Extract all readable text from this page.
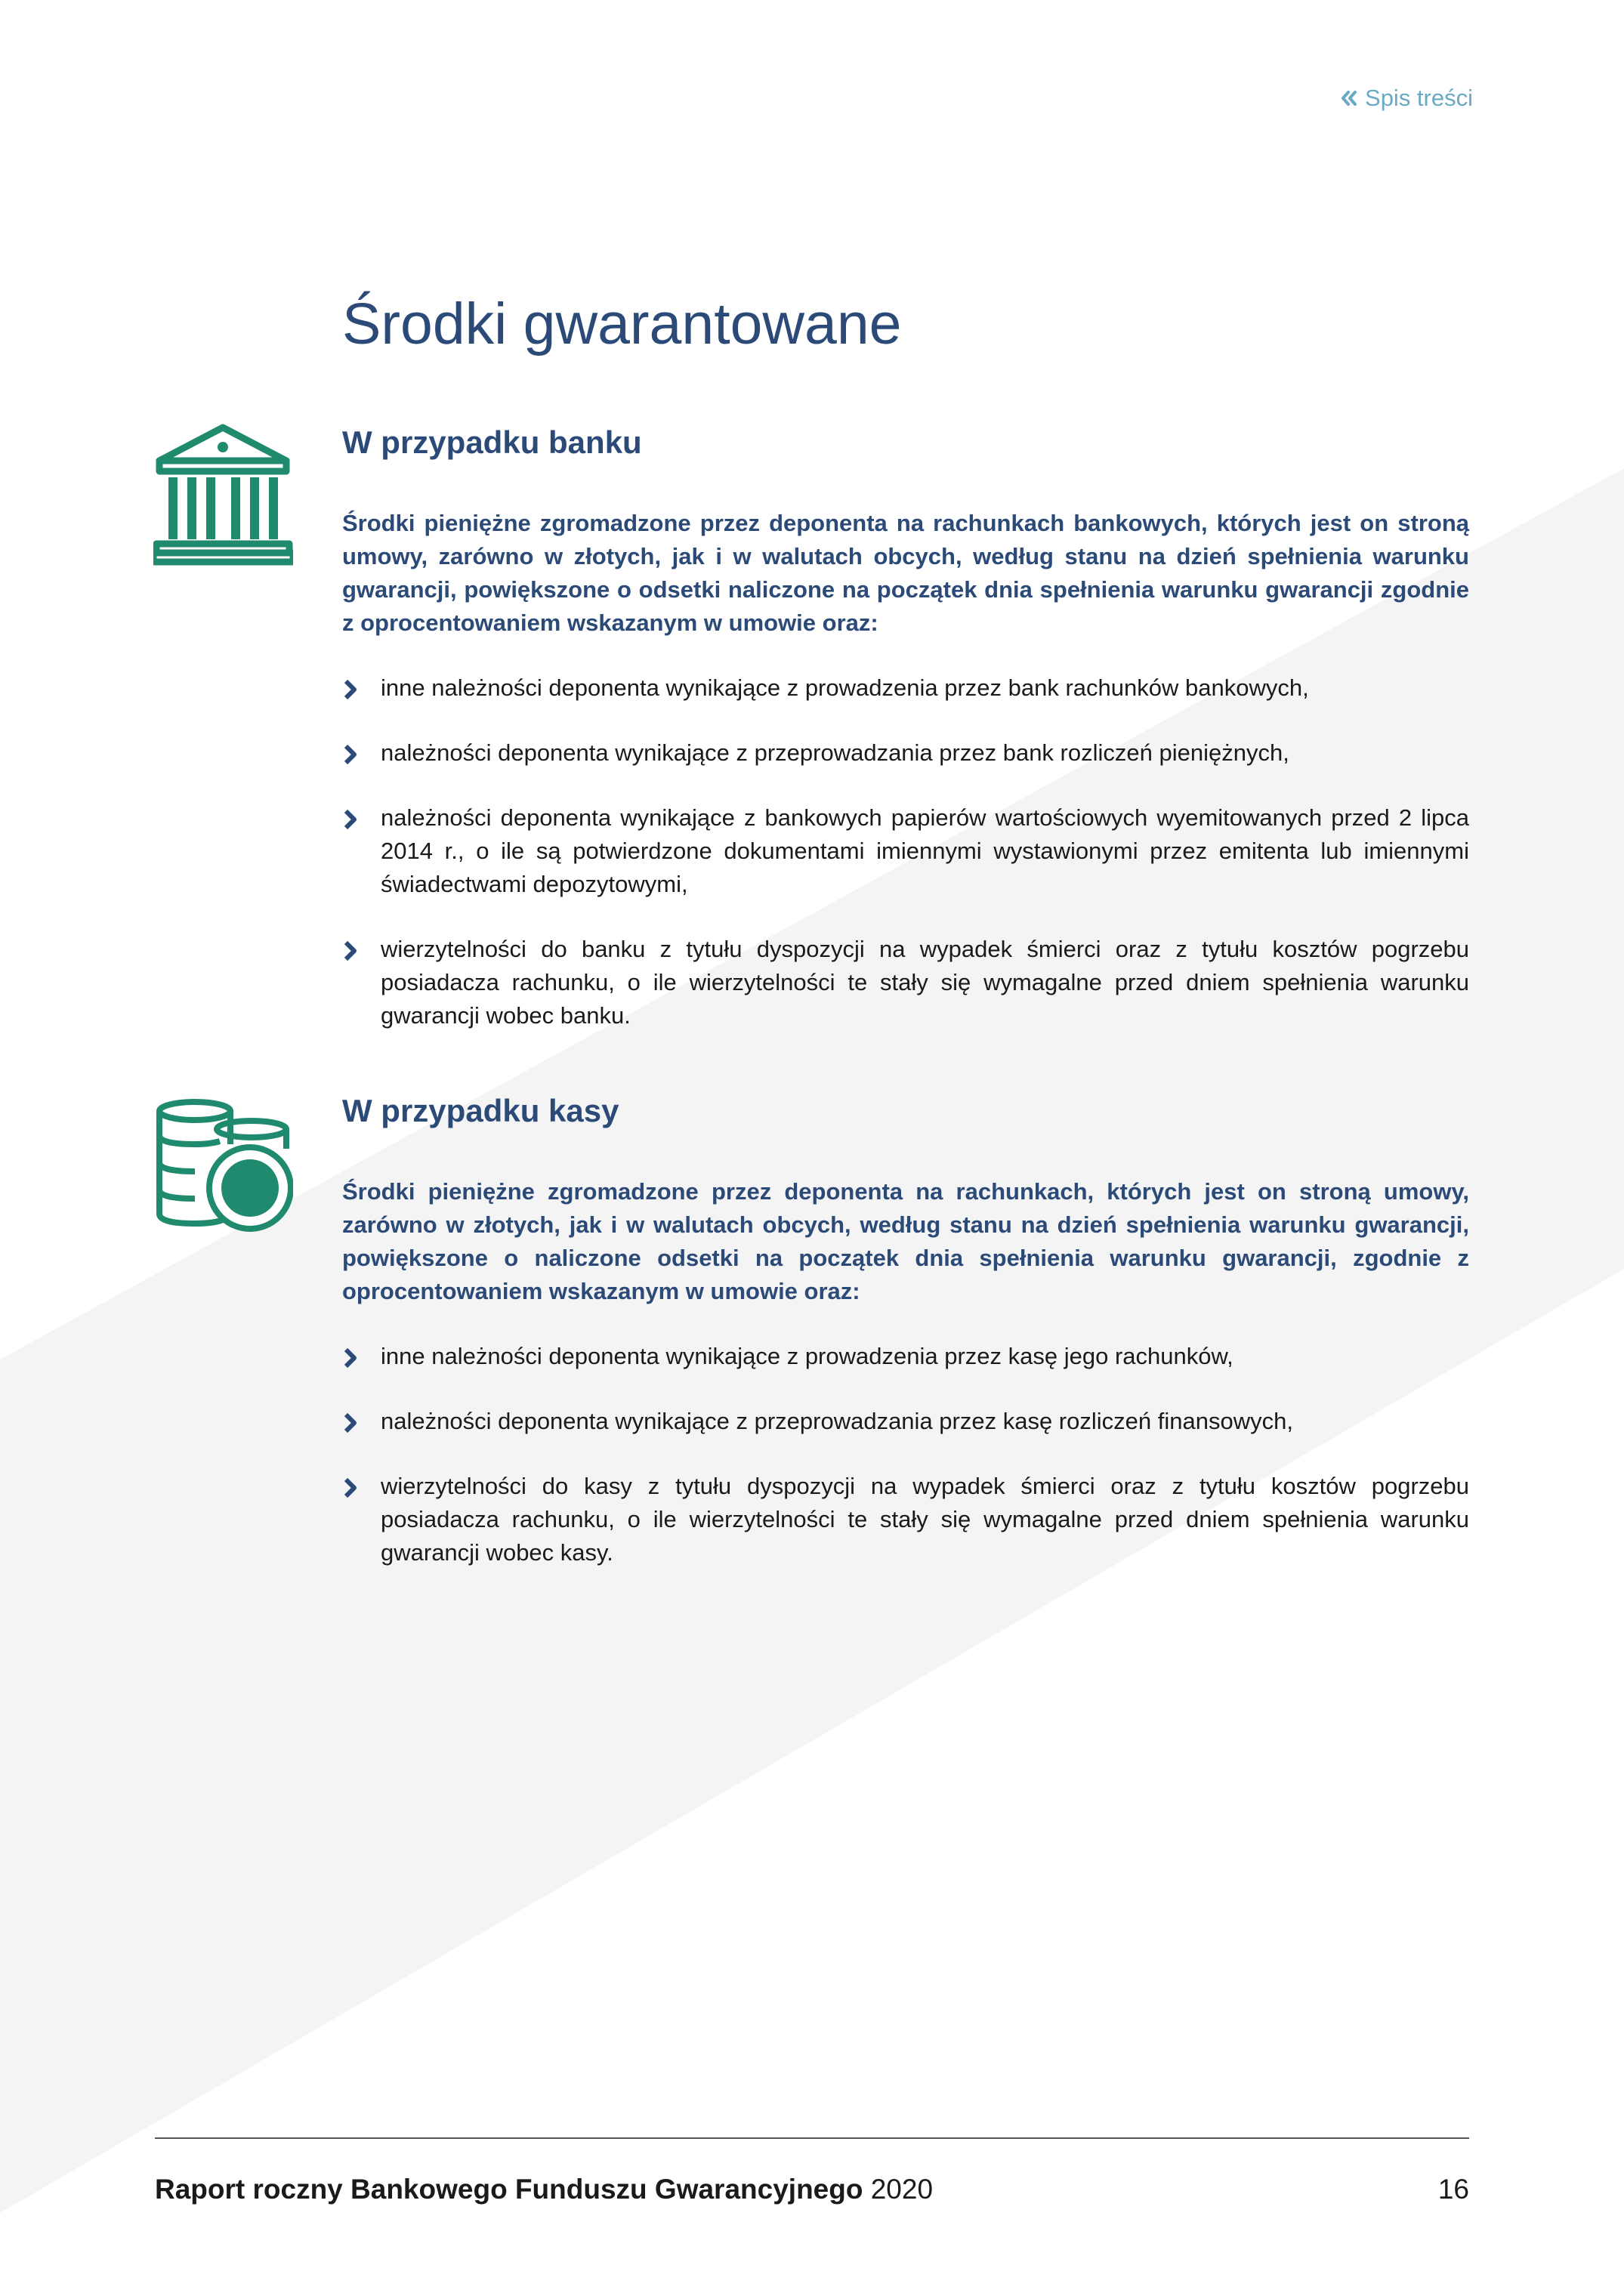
Spis treści
Środki gwarantowane
W przypadku banku

Środki pieniężne zgromadzone przez deponenta na rachunkach bankowych, których jest on stroną umowy, zarówno w złotych, jak i w walutach obcych, według stanu na dzień spełnienia warunku gwarancji, powiększone o odsetki naliczone na początek dnia spełnienia warunku gwarancji zgodnie z oprocentowaniem wskazanym w umowie oraz:

inne należności deponenta wynikające z prowadzenia przez bank rachunków bankowych,
należności deponenta wynikające z przeprowadzania przez bank rozliczeń pieniężnych,
należności deponenta wynikające z bankowych papierów wartościowych wyemitowanych przed 2 lipca 2014 r., o ile są potwierdzone dokumentami imiennymi wystawionymi przez emitenta lub imiennymi świadectwami depozytowymi,
wierzytelności do banku z tytułu dyspozycji na wypadek śmierci oraz z tytułu kosztów pogrzebu posiadacza rachunku, o ile wierzytelności te stały się wymagalne przed dniem spełnienia warunku gwarancji wobec banku.
W przypadku kasy

Środki pieniężne zgromadzone przez deponenta na rachunkach, których jest on stroną umowy, zarówno w złotych, jak i w walutach obcych, według stanu na dzień spełnienia warunku gwarancji, powiększone o naliczone odsetki na początek dnia spełnienia warunku gwarancji, zgodnie z oprocentowaniem wskazanym w umowie oraz:

inne należności deponenta wynikające z prowadzenia przez kasę jego rachunków,
należności deponenta wynikające z przeprowadzania przez kasę rozliczeń finansowych,
wierzytelności do kasy z tytułu dyspozycji na wypadek śmierci oraz z tytułu kosztów pogrzebu posiadacza rachunku, o ile wierzytelności te stały się wymagalne przed dniem spełnienia warunku gwarancji wobec kasy.
Raport roczny Bankowego Funduszu Gwarancyjnego 2020	16
